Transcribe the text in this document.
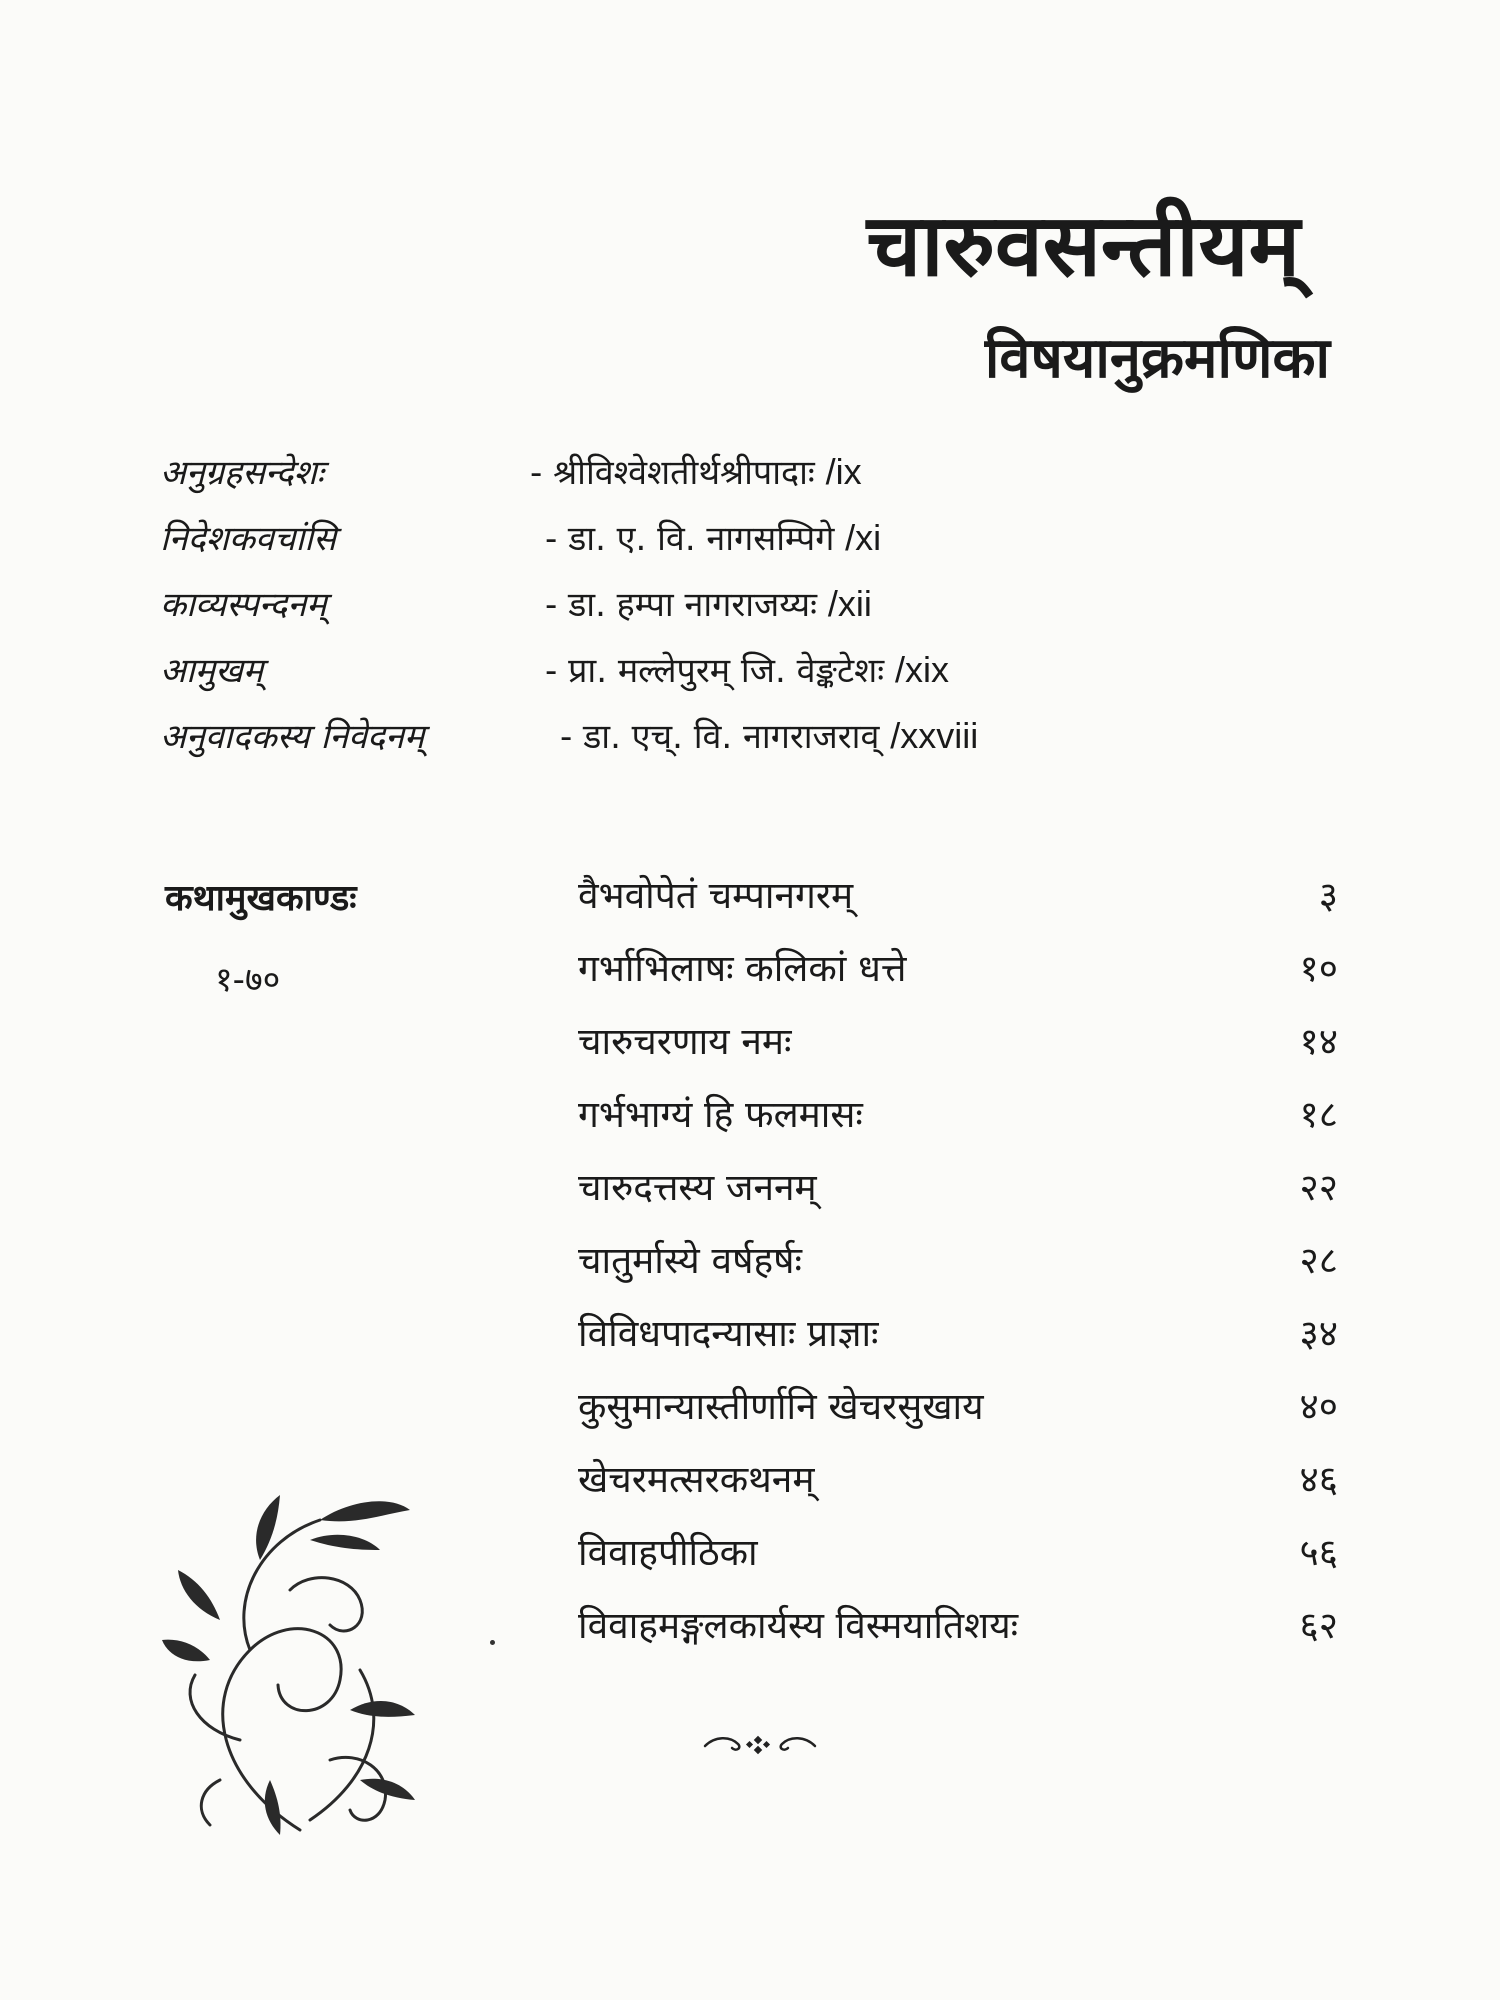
चारुवसन्तीयम्
विषयानुक्रमणिका
अनुग्रहसन्देशः	- श्रीविश्वेशतीर्थश्रीपादाः /ix
निदेशकवचांसि	- डा. ए. वि. नागसम्पिगे /xi
काव्यस्पन्दनम्	- डा. हम्पा नागराजय्यः /xii
आमुखम्	- प्रा. मल्लेपुरम् जि. वेङ्कटेशः /xix
अनुवादकस्य निवेदनम्	- डा. एच्. वि. नागराजराव् /xxviii
कथामुखकाण्डः
१-७०
वैभवोपेतं चम्पानगरम्	३
गर्भाभिलाषः कलिकां धत्ते	१०
चारुचरणाय नमः	१४
गर्भभाग्यं हि फलमासः	१८
चारुदत्तस्य जननम्	२२
चातुर्मास्ये वर्षहर्षः	२८
विविधपादन्यासाः प्राज्ञाः	३४
कुसुमान्यास्तीर्णानि खेचरसुखाय	४०
खेचरमत्सरकथनम्	४६
विवाहपीठिका	५६
विवाहमङ्गलकार्यस्य विस्मयातिशयः	६२
